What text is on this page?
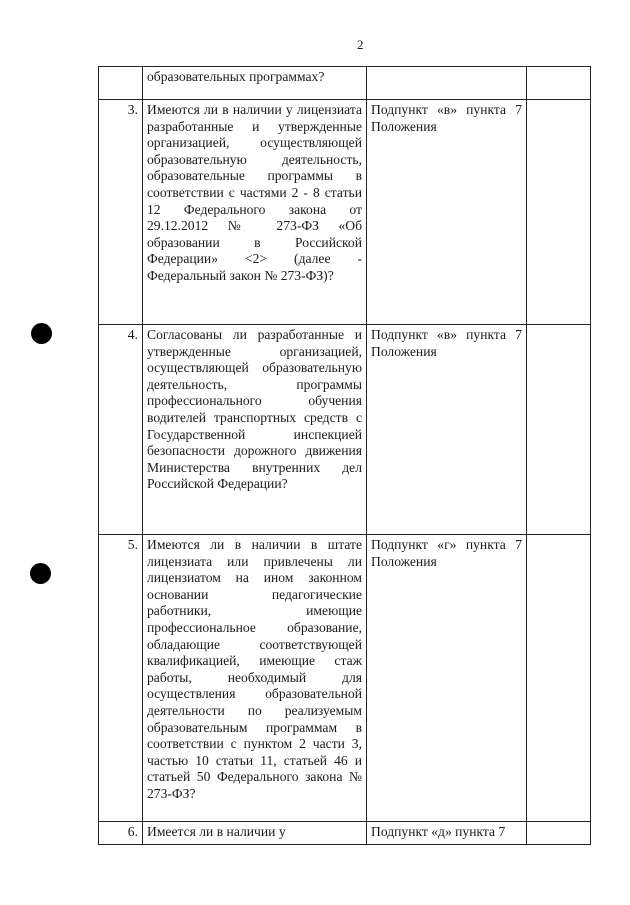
2
	образовательных программах?		
3.	Имеются ли в наличии у лицензиата разработанные и утвержденные организацией, осуществляющей образовательную деятельность, образовательные программы в соответствии с частями 2 - 8 статьи 12 Федерального закона от 29.12.2012 № 273-ФЗ «Об образовании в Российской Федерации» <2> (далее - Федеральный закон № 273-ФЗ)?	Подпункт «в» пункта 7 Положения	
4.	Согласованы ли разработанные и утвержденные организацией, осуществляющей образовательную деятельность, программы профессионального обучения водителей транспортных средств с Государственной инспекцией безопасности дорожного движения Министерства внутренних дел Российской Федерации?	Подпункт «в» пункта 7 Положения	
5.	Имеются ли в наличии в штате лицензиата или привлечены ли лицензиатом на ином законном основании педагогические работники, имеющие профессиональное образование, обладающие соответствующей квалификацией, имеющие стаж работы, необходимый для осуществления образовательной деятельности по реализуемым образовательным программам в соответствии с пунктом 2 части 3, частью 10 статьи 11, статьей 46 и статьей 50 Федерального закона № 273-ФЗ?	Подпункт «г» пункта 7 Положения	
6.	Имеется ли в наличии у	Подпункт «д» пункта 7	
